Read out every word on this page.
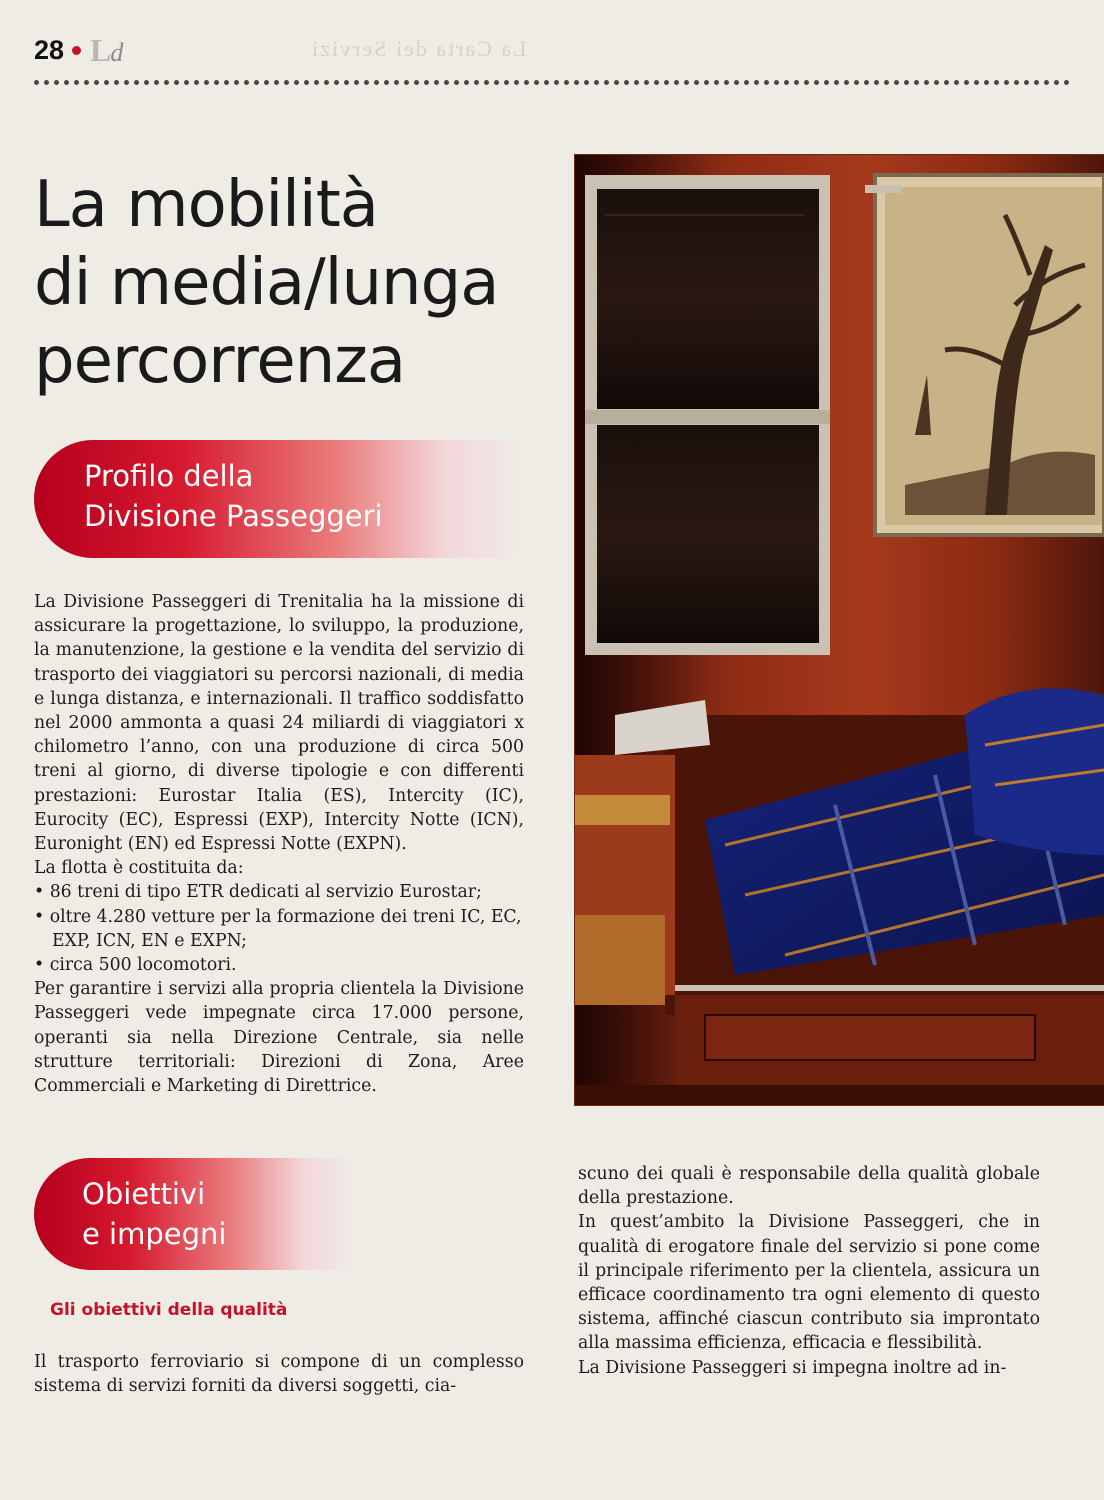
28 Ld	La Carta dei Servizi
La mobilità
di media/lunga
percorrenza
Profilo della
Divisione Passeggeri

La Divisione Passeggeri di Trenitalia ha la missione di assicurare la progettazione, lo sviluppo, la produzione, la manutenzione, la gestione e la vendita del servizio di trasporto dei viaggiatori su percorsi nazionali, di media e lunga distanza, e internazionali. Il traffico soddisfatto nel 2000 ammonta a quasi 24 miliardi di viaggiatori x chilometro l’anno, con una produzione di circa 500 treni al giorno, di diverse tipologie e con differenti prestazioni: Eurostar Italia (ES), Intercity (IC), Eurocity (EC), Espressi (EXP), Intercity Notte (ICN), Euronight (EN) ed Espressi Notte (EXPN).

La flotta è costituita da:

• 86 treni di tipo ETR dedicati al servizio Eurostar;
• oltre 4.280 vetture per la formazione dei treni IC, EC, EXP, ICN, EN e EXPN;
• circa 500 locomotori.

Per garantire i servizi alla propria clientela la Divisione Passeggeri vede impegnate circa 17.000 persone, operanti sia nella Direzione Centrale, sia nelle strutture territoriali: Direzioni di Zona, Aree Commerciali e Marketing di Direttrice.

Obiettivi
e impegni
Gli obiettivi della qualità

Il trasporto ferroviario si compone di un complesso sistema di servizi forniti da diversi soggetti, cia-

scuno dei quali è responsabile della qualità globale della prestazione.

In quest’ambito la Divisione Passeggeri, che in qualità di erogatore finale del servizio si pone come il principale riferimento per la clientela, assicura un efficace coordinamento tra ogni elemento di questo sistema, affinché ciascun contributo sia improntato alla massima efficienza, efficacia e flessibilità.

La Divisione Passeggeri si impegna inoltre ad in-
